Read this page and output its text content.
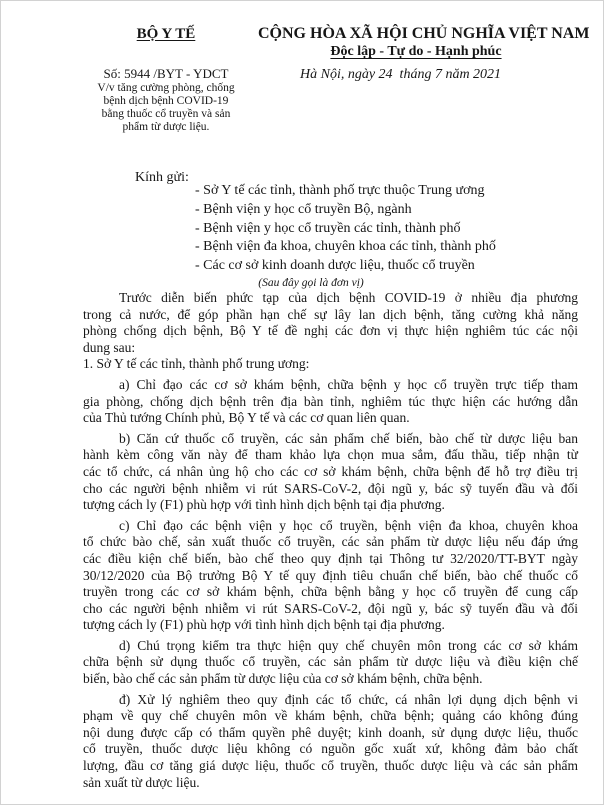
BỘ Y TẾ	CỘNG HÒA XÃ HỘI CHỦ NGHĨA VIỆT NAM
Độc lập - Tự do - Hạnh phúc
Số: 5944 /BYT - YDCT
V/v tăng cường phòng, chống
bệnh dịch bệnh COVID-19
bằng thuốc cổ truyền và sản
phẩm từ dược liệu.
Hà Nội, ngày 24  tháng 7 năm 2021
Kính gửi:
- Sở Y tế các tỉnh, thành phố trực thuộc Trung ương
- Bệnh viện y học cổ truyền Bộ, ngành
- Bệnh viện y học cổ truyền các tỉnh, thành phố
- Bệnh viện đa khoa, chuyên khoa các tỉnh, thành phố
- Các cơ sở kinh doanh dược liệu, thuốc cổ truyền
(Sau đây gọi là đơn vị)
Trước diễn biến phức tạp của dịch bệnh COVID-19 ở nhiều địa phương
trong cả nước, để góp phần hạn chế sự lây lan dịch bệnh, tăng cường khả năng
phòng chống dịch bệnh, Bộ Y tế đề nghị các đơn vị thực hiện nghiêm túc các nội
dung sau:
1. Sở Y tế các tỉnh, thành phố trung ương:
a) Chỉ đạo các cơ sở khám bệnh, chữa bệnh y học cổ truyền trực tiếp tham
gia phòng, chống dịch bệnh trên địa bàn tỉnh, nghiêm túc thực hiện các hướng dẫn
của Thủ tướng Chính phủ, Bộ Y tế và các cơ quan liên quan.
b) Căn cứ thuốc cổ truyền, các sản phẩm chế biến, bào chế từ dược liệu ban
hành kèm công văn này để tham khảo lựa chọn mua sắm, đấu thầu, tiếp nhận từ
các tổ chức, cá nhân ủng hộ cho các cơ sở khám bệnh, chữa bệnh để hỗ trợ điều trị
cho các người bệnh nhiễm vi rút SARS-CoV-2, đội ngũ y, bác sỹ tuyến đầu và đối
tượng cách ly (F1) phù hợp với tình hình dịch bệnh tại địa phương.
c) Chỉ đạo các bệnh viện y học cổ truyền, bệnh viện đa khoa, chuyên khoa
tổ chức bào chế, sản xuất thuốc cổ truyền, các sản phẩm từ dược liệu nếu đáp ứng
các điều kiện chế biến, bào chế theo quy định tại Thông tư 32/2020/TT-BYT ngày
30/12/2020 của Bộ trưởng Bộ Y tế quy định tiêu chuẩn chế biến, bào chế thuốc cổ
truyền trong các cơ sở khám bệnh, chữa bệnh bằng y học cổ truyền để cung cấp
cho các người bệnh nhiễm vi rút SARS-CoV-2, đội ngũ y, bác sỹ tuyến đầu và đối
tượng cách ly (F1) phù hợp với tình hình dịch bệnh tại địa phương.
d) Chú trọng kiểm tra thực hiện quy chế chuyên môn trong các cơ sở khám
chữa bệnh sử dụng thuốc cổ truyền, các sản phẩm từ dược liệu và điều kiện chế
biến, bào chế các sản phẩm từ dược liệu của cơ sở khám bệnh, chữa bệnh.
đ) Xử lý nghiêm theo quy định các tổ chức, cá nhân lợi dụng dịch bệnh vi
phạm về quy chế chuyên môn về khám bệnh, chữa bệnh; quảng cáo không đúng
nội dung được cấp có thẩm quyền phê duyệt; kinh doanh, sử dụng dược liệu, thuốc
cổ truyền, thuốc dược liệu không có nguồn gốc xuất xứ, không đảm bảo chất
lượng, đầu cơ tăng giá dược liệu, thuốc cổ truyền, thuốc dược liệu và các sản phẩm
sản xuất từ dược liệu.
